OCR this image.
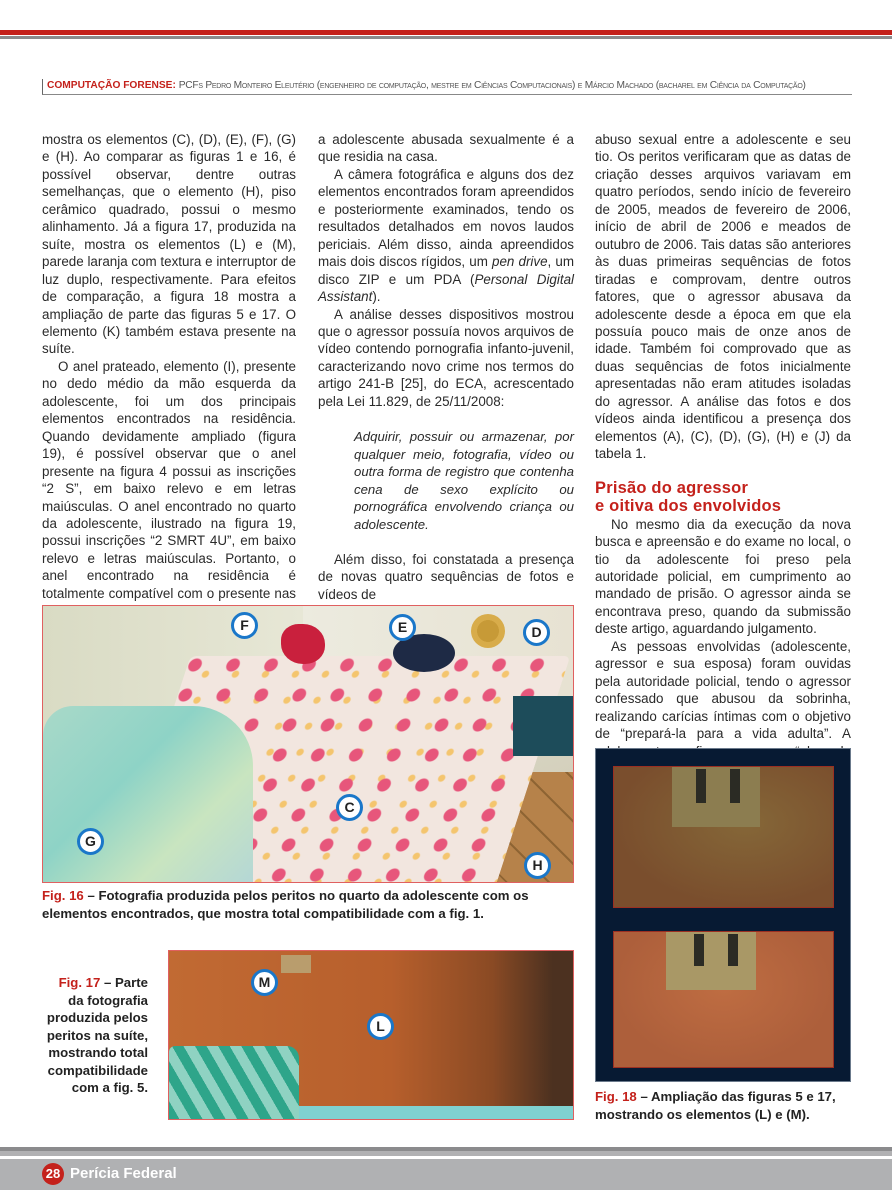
COMPUTAÇÃO FORENSE: PCFs Pedro Monteiro Eleutério (engenheiro de computação, mestre em Ciências Computacionais) e Márcio Machado (bacharel em Ciência da Computação)

mostra os elementos (C), (D), (E), (F), (G) e (H). Ao comparar as figuras 1 e 16, é possível observar, dentre outras semelhanças, que o elemento (H), piso cerâmico quadrado, possui o mesmo alinhamento. Já a figura 17, produzida na suíte, mostra os elementos (L) e (M), parede laranja com textura e interruptor de luz duplo, respectivamente. Para efeitos de comparação, a figura 18 mostra a ampliação de parte das figuras 5 e 17. O elemento (K) também estava presente na suíte.

O anel prateado, elemento (I), presente no dedo médio da mão esquerda da adolescente, foi um dos principais elementos encontrados na residência. Quando devidamente ampliado (figura 19), é possível observar que o anel presente na figura 4 possui as inscrições “2 S”, em baixo relevo e em letras maiúsculas. O anel encontrado no quarto da adolescente, ilustrado na figura 19, possui inscrições “2 SMRT 4U”, em baixo relevo e letras maiúsculas. Portanto, o anel encontrado na residência é totalmente compatível com o presente nas

a adolescente abusada sexualmente é a que residia na casa.

A câmera fotográfica e alguns dos dez elementos encontrados foram apreendidos e posteriormente examinados, tendo os resultados detalhados em novos laudos periciais. Além disso, ainda apreendidos mais dois discos rígidos, um pen drive, um disco ZIP e um PDA (Personal Digital Assistant).

A análise desses dispositivos mostrou que o agressor possuía novos arquivos de vídeo contendo pornografia infanto-juvenil, caracterizando novo crime nos termos do artigo 241-B [25], do ECA, acrescentado pela Lei 11.829, de 25/11/2008:

Adquirir, possuir ou armazenar, por qualquer meio, fotografia, vídeo ou outra forma de registro que contenha cena de sexo explícito ou pornográfica envolvendo criança ou adolescente.

Além disso, foi constatada a presença de novas quatro sequências de fotos e vídeos de

abuso sexual entre a adolescente e seu tio. Os peritos verificaram que as datas de criação desses arquivos variavam em quatro períodos, sendo início de fevereiro de 2005, meados de fevereiro de 2006, início de abril de 2006 e meados de outubro de 2006. Tais datas são anteriores às duas primeiras sequências de fotos tiradas e comprovam, dentre outros fatores, que o agressor abusava da adolescente desde a época em que ela possuía pouco mais de onze anos de idade. Também foi comprovado que as duas sequências de fotos inicialmente apresentadas não eram atitudes isoladas do agressor. A análise das fotos e dos vídeos ainda identificou a presença dos elementos (A), (C), (D), (G), (H) e (J) da tabela 1.

Prisão do agressor
e oitiva dos envolvidos

No mesmo dia da execução da nova busca e apreensão e do exame no local, o tio da adolescente foi preso pela autoridade policial, em cumprimento ao mandado de prisão. O agressor ainda se encontrava preso, quando da submissão deste artigo, aguardando julgamento.

As pessoas envolvidas (adolescente, agressor e sua esposa) foram ouvidas pela autoridade policial, tendo o agressor confessado que abusou da sobrinha, realizando carícias íntimas com o objetivo de “prepará-la para a vida adulta”. A

F	E	D
C
G
H
Fig. 16 – Fotografia produzida pelos peritos no quarto da adolescente com os elementos encontrados, que mostra total compatibilidade com a fig. 1.
Fig. 17 – Parte da fotografia produzida pelos peritos na suíte, mostrando total compatibilidade com a fig. 5.
M
L
Fig. 18 – Ampliação das figuras 5 e 17, mostrando os elementos (L) e (M).
28 Perícia Federal
